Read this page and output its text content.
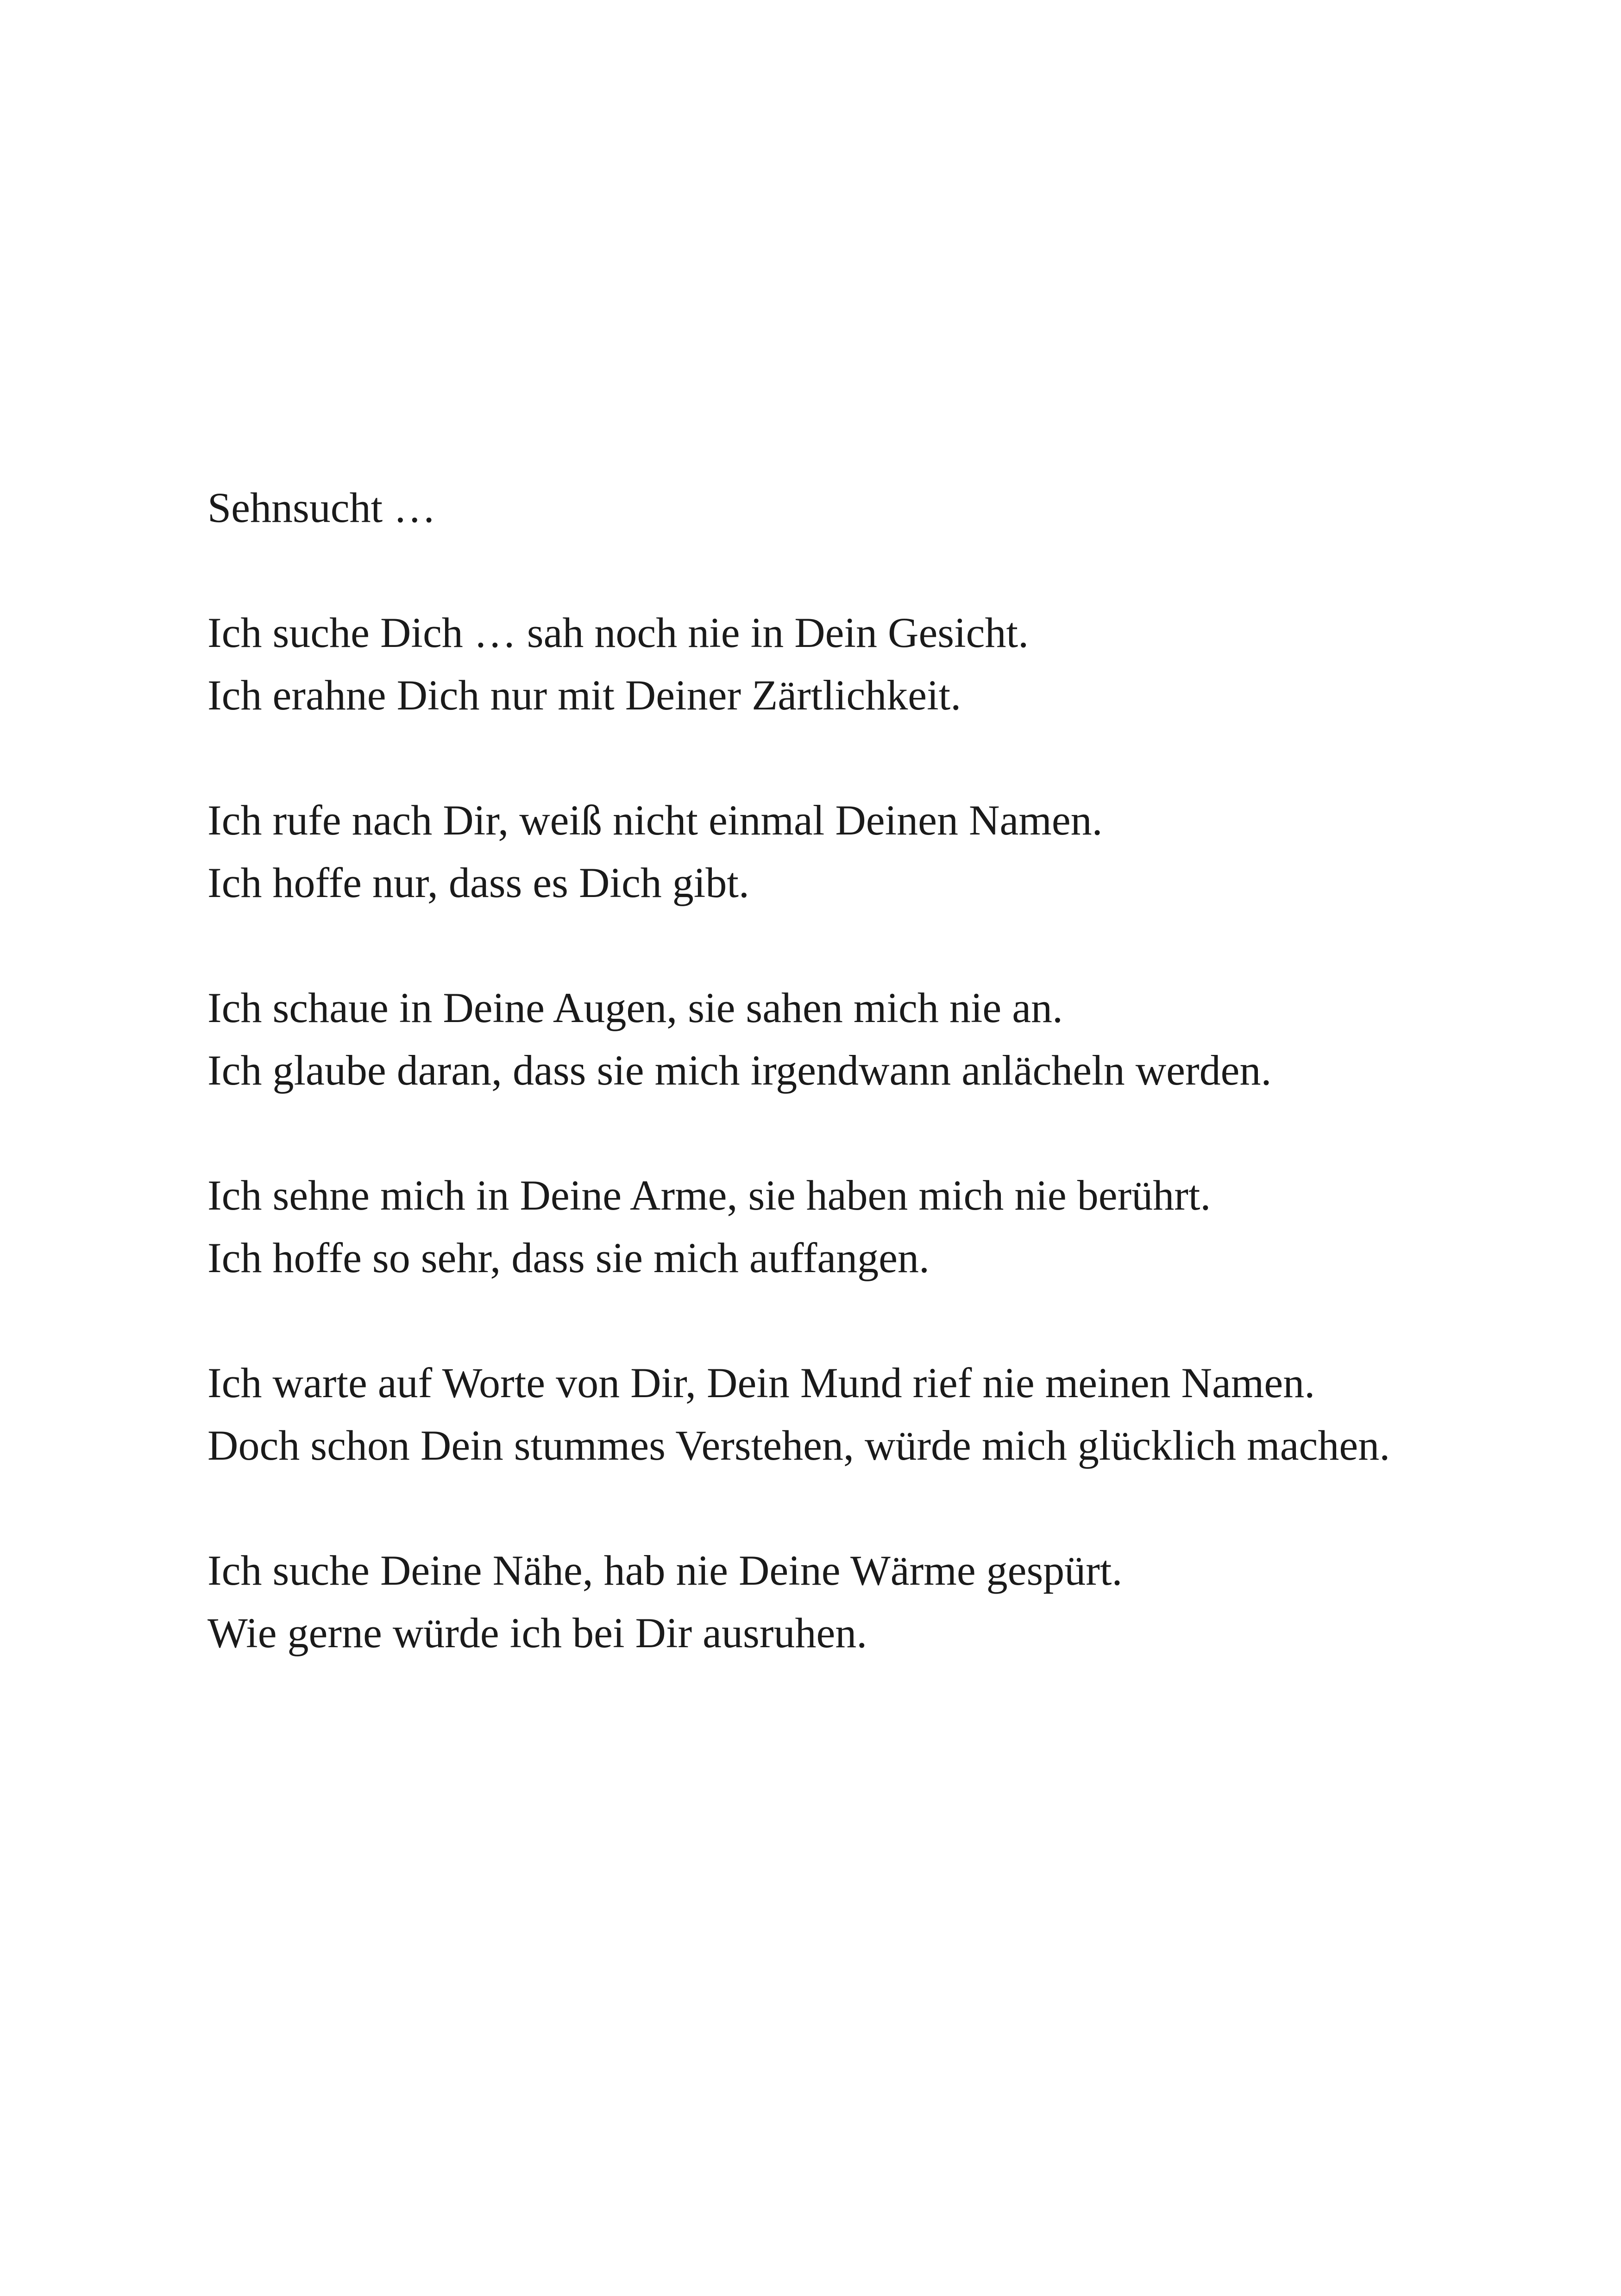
Sehnsucht …
Ich suche Dich … sah noch nie in Dein Gesicht.
Ich erahne Dich nur mit Deiner Zärtlichkeit.
Ich rufe nach Dir, weiß nicht einmal Deinen Namen.
Ich hoffe nur, dass es Dich gibt.
Ich schaue in Deine Augen, sie sahen mich nie an.
Ich glaube daran, dass sie mich irgendwann anlächeln werden.
Ich sehne mich in Deine Arme, sie haben mich nie berührt.
Ich hoffe so sehr, dass sie mich auffangen.
Ich warte auf Worte von Dir, Dein Mund rief nie meinen Namen.
Doch schon Dein stummes Verstehen, würde mich glücklich machen.
Ich suche Deine Nähe, hab nie Deine Wärme gespürt.
Wie gerne würde ich bei Dir ausruhen.
